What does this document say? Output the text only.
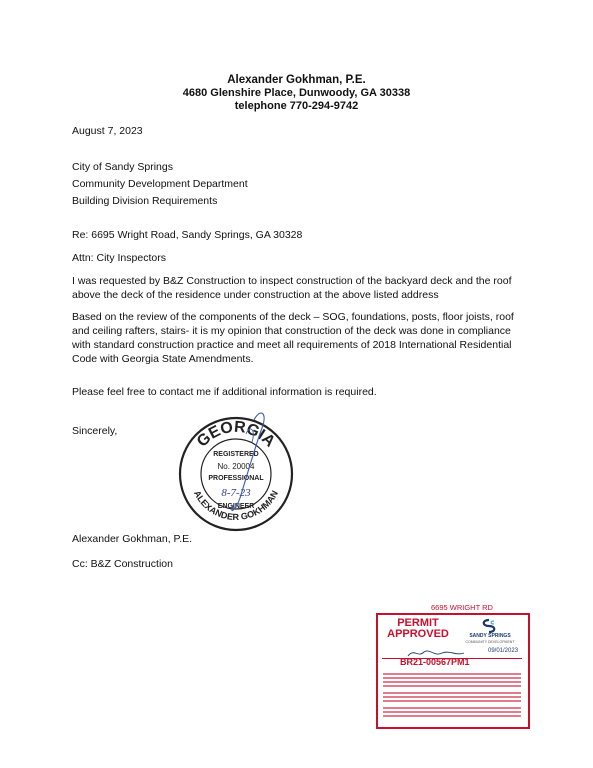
Alexander Gokhman, P.E.
4680 Glenshire Place, Dunwoody, GA 30338
telephone 770-294-9742
August 7, 2023
City of Sandy Springs
Community Development Department
Building Division Requirements
Re: 6695 Wright Road, Sandy Springs, GA 30328
Attn: City Inspectors
I was requested by B&Z Construction to inspect construction of the backyard deck and the roof
above the deck of the residence under construction at the above listed address
Based on the review of the components of the deck – SOG, foundations, posts, floor joists, roof
and ceiling rafters, stairs- it is my opinion that construction of the deck was done in compliance
with standard construction practice and meet all requirements of 2018 International Residential
Code with Georgia State Amendments.
Please feel free to contact me if additional information is required.
Sincerely,	GEORGIA
ALEXANDER GOKHMAN
REGISTERED
No. 20004
PROFESSIONAL
8-7-23
ENGINEER
Alexander Gokhman, P.E.
Cc: B&Z Construction
6695 WRIGHT RD
PERMIT
APPROVED	SANDY SPRINGS
COMMUNITY DEVELOPMENT
09/01/2023
BR21-00567PM1
